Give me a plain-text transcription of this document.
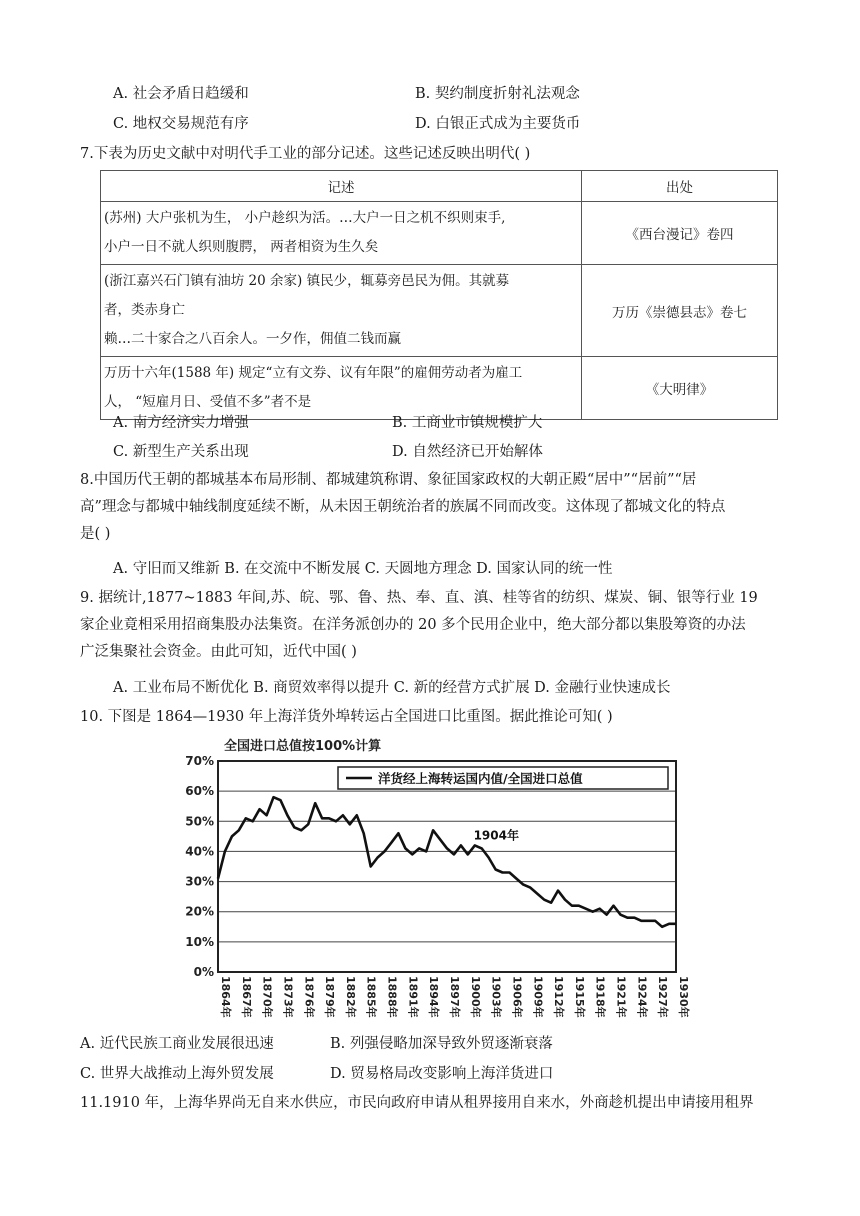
A. 社会矛盾日趋缓和	B. 契约制度折射礼法观念
C. 地权交易规范有序	D. 白银正式成为主要货币
7.下表为历史文献中对明代手工业的部分记述。这些记述反映出明代( )
记述	出处

(苏州) 大户张机为生， 小户趁织为活。…大户一日之机不织则束手,
小户一日不就人织则腹腭， 两者相资为生久矣	《西台漫记》卷四

(浙江嘉兴石门镇有油坊 20 余家) 镇民少，辄募旁邑民为佣。其就募
者，类赤身亡
赖…二十家合之八百余人。一夕作，佣值二钱而赢	万历《崇德县志》卷七

万历十六年(1588 年) 规定“立有文券、议有年限”的雇佣劳动者为雇工
人， “短雇月日、受值不多”者不是	《大明律》
A. 南方经济实力增强	B. 工商业市镇规模扩大
C. 新型生产关系出现	D. 自然经济已开始解体
8.中国历代王朝的都城基本布局形制、都城建筑称谓、象征国家政权的大朝正殿“居中”“居前”“居
高”理念与都城中轴线制度延续不断，从未因王朝统治者的族属不同而改变。这体现了都城文化的特点
是( )
A. 守旧而又维新 B. 在交流中不断发展 C. 天圆地方理念 D. 国家认同的统一性
9. 据统计,1877~1883 年间,苏、皖、鄂、鲁、热、奉、直、滇、桂等省的纺织、煤炭、铜、银等行业 19
家企业竟相采用招商集股办法集资。在洋务派创办的 20 多个民用企业中，绝大部分都以集股筹资的办法
广泛集聚社会资金。由此可知，近代中国( )
A. 工业布局不断优化 B. 商贸效率得以提升 C. 新的经营方式扩展 D. 金融行业快速成长
10. 下图是 1864—1930 年上海洋货外埠转运占全国进口比重图。据此推论可知( )
全国进口总值按100%计算
0%
10%
20%
30%
40%
50%
60%
70%
1864年 1867年 1870年 1873年 1876年 1879年 1882年 1885年 1888年 1891年 1894年 1897年 1900年 1903年 1906年 1909年 1912年 1915年 1918年 1921年 1924年 1927年 1930年
洋货经上海转运国内值/全国进口总值
1904年
A. 近代民族工商业发展很迅速	B. 列强侵略加深导致外贸逐渐衰落
C. 世界大战推动上海外贸发展	D. 贸易格局改变影响上海洋货进口
11.1910 年，上海华界尚无自来水供应，市民向政府申请从租界接用自来水，外商趁机提出申请接用租界
